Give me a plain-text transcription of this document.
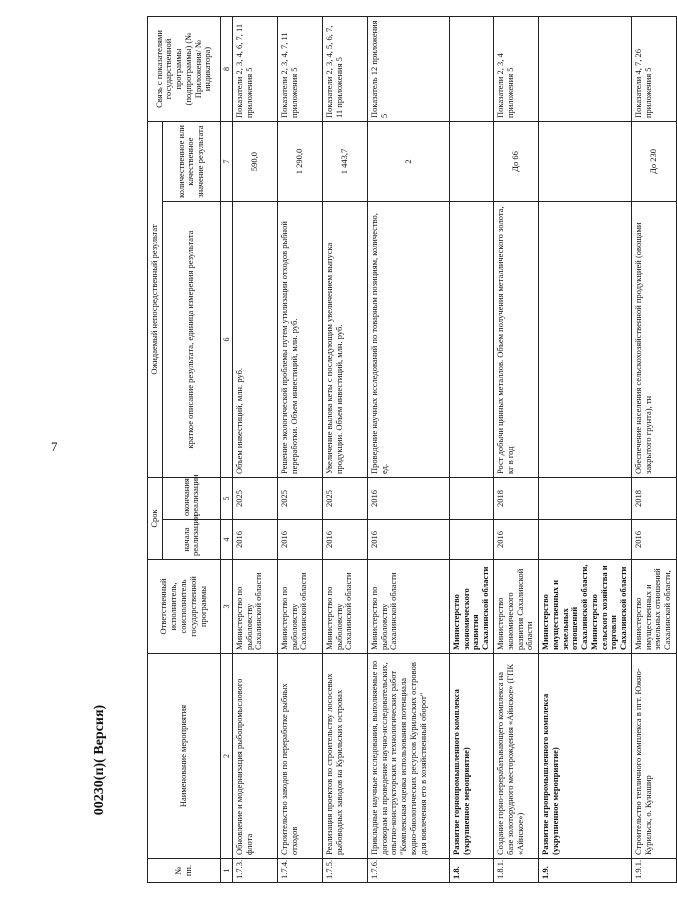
7
00230(п)( Версия)
№ пп.	Наименование мероприятия	Ответственный исполнитель, соисполнитель государственной программы	Срок		Ожидаемый непосредственный результат		Связь с показателями государственной программы (подпрограммы) (№ Приложения/ № индикатора)
			начала реализации	окончания реализации	краткое описание результата, единица измерения результата	количественное или качественное значение результата	
1	2	3	4	5	6	7	8
1.7.3.	Обновление и модернизация рыбопромыслового флота	Министерство по рыболовству Сахалинской области	2016	2025	Объем инвестиций, млн. руб.	590,0	Показатели 2, 3, 4, 6, 7, 11 приложения 5
1.7.4.	Строительство заводов по переработке рыбных отходов	Министерство по рыболовству Сахалинской области	2016	2025	Решение экологической проблемы путем утилизации отходов рыбной переработки. Объем инвестиций, млн. руб.	1 290,0	Показатели 2, 3, 4, 7, 11 приложения 5
1.7.5.	Реализация проектов по строительству лососевых рыбоводных заводов на Курильских островах	Министерство по рыболовству Сахалинской области	2016	2025	Увеличение вылова кеты с последующим увеличением выпуска продукции. Объем инвестиций, млн. руб.	1 443,7	Показатели 2, 3, 4, 5, 6, 7, 11 приложения 5
1.7.6.	Прикладные научные исследования, выполняемые по договорам на проведение научно-исследовательских, опытно-конструкторских и технологических работ "Комплексная оценка использования потенциала водно-биологических ресурсов Курильских островов для вовлечения его в хозяйственный оборот"	Министерство по рыболовству Сахалинской области	2016	2016	Проведение научных исследований по товарным позициям, количество, ед.	2	Показатель 12 приложения 5
1.8.	Развитие горнопромышленного комплекса (укрупненное мероприятие)	Министерство экономического развития Сахалинской области					
1.8.1.	Создание горно-перерабатывающего комплекса на базе золоторудного месторождения «Айнское» (ГПК «Айнское»)	Министерство экономического развития Сахалинской области	2016	2018	Рост добычи цинных металлов. Объем получения металлического золота, кг в год	До 66	Показатели 2, 3, 4 приложения 5
1.9.	Развитие агропромышленного комплекса (укрупненное мероприятие)	Министерство имущественных и земельных отношений Сахалинской области, Министерство сельского хозяйства и торговли Сахалинской области					
1.9.1.	Строительство тепличного комплекса в пгт. Южно-Курильск, о. Кунашир	Министерство имущественных и земельных отношений Сахалинской области,	2016	2018	Обеспечение населения сельскохозяйственной продукцией (овощами закрытого грунта), тн	До 230	Показатели 4, 7, 26 приложения 5
